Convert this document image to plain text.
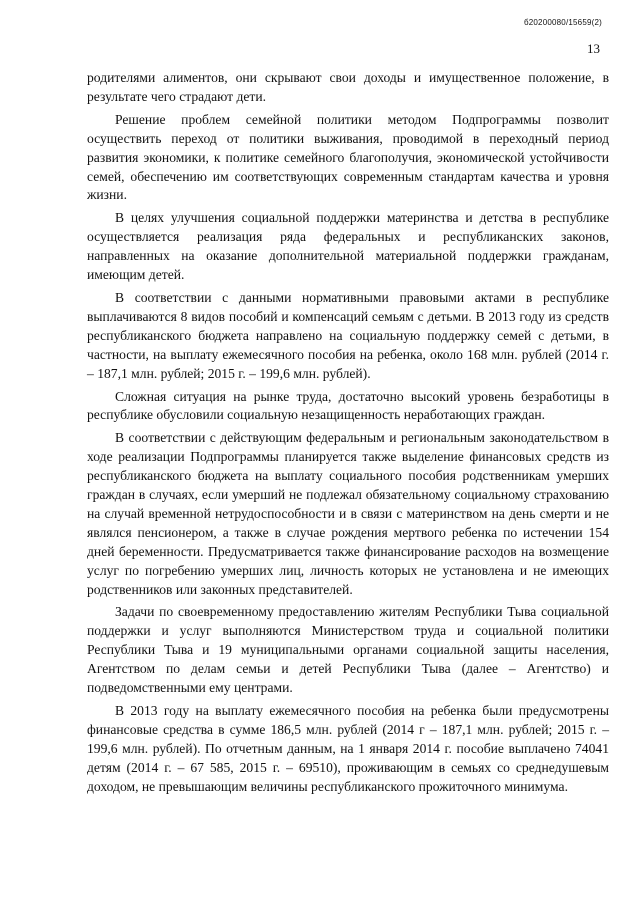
б20200080/15659(2)
13

родителями алиментов, они скрывают свои доходы и имущественное положение, в результате чего страдают дети.

Решение проблем семейной политики методом Подпрограммы позволит осуществить переход от политики выживания, проводимой в переходный период развития экономики, к политике семейного благополучия, экономической устойчивости семей, обеспечению им соответствующих современным стандартам качества и уровня жизни.

В целях улучшения социальной поддержки материнства и детства в республике осуществляется реализация ряда федеральных и республиканских законов, направленных на оказание дополнительной материальной поддержки гражданам, имеющим детей.

В соответствии с данными нормативными правовыми актами в республике выплачиваются 8 видов пособий и компенсаций семьям с детьми. В 2013 году из средств республиканского бюджета направлено на социальную поддержку семей с детьми, в частности, на выплату ежемесячного пособия на ребенка, около 168 млн. рублей (2014 г. – 187,1 млн. рублей; 2015 г. – 199,6 млн. рублей).

Сложная ситуация на рынке труда, достаточно высокий уровень безработицы в республике обусловили социальную незащищенность неработающих граждан.

В соответствии с действующим федеральным и региональным законодательством в ходе реализации Подпрограммы планируется также выделение финансовых средств из республиканского бюджета на выплату социального пособия родственникам умерших граждан в случаях, если умерший не подлежал обязательному социальному страхованию на случай временной нетрудоспособности и в связи с материнством на день смерти и не являлся пенсионером, а также в случае рождения мертвого ребенка по истечении 154 дней беременности. Предусматривается также финансирование расходов на возмещение услуг по погребению умерших лиц, личность которых не установлена и не имеющих родственников или законных представителей.

Задачи по своевременному предоставлению жителям Республики Тыва социальной поддержки и услуг выполняются Министерством труда и социальной политики Республики Тыва и 19 муниципальными органами социальной защиты населения, Агентством по делам семьи и детей Республики Тыва (далее – Агентство) и подведомственными ему центрами.

В 2013 году на выплату ежемесячного пособия на ребенка были предусмотрены финансовые средства в сумме 186,5 млн. рублей (2014 г – 187,1 млн. рублей; 2015 г. – 199,6 млн. рублей). По отчетным данным, на 1 января 2014 г. пособие выплачено 74041 детям (2014 г. – 67 585, 2015 г. – 69510), проживающим в семьях со среднедушевым доходом, не превышающим величины республиканского прожиточного минимума.
